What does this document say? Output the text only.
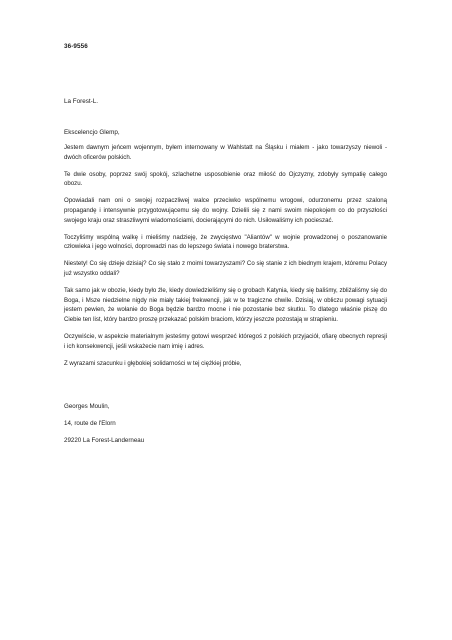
36-9556
La Forest-L.
Ekscelencjo Glemp,

Jestem dawnym jeńcem wojennym, byłem internowany w Wahlstatt na Śląsku i miałem - jako towarzyszy niewoli - dwóch oficerów polskich.

Te dwie osoby, poprzez swój spokój, szlachetne usposobienie oraz miłość do Ojczyzny, zdobyły sympatię całego obozu.

Opowiadali nam oni o swojej rozpaczliwej walce przeciwko wspólnemu wrogowi, odurzonemu przez szaloną propagandę i intensywnie przygotowującemu się do wojny. Dzielili się z nami swoim niepokojem co do przyszłości swojego kraju oraz straszliwymi wiadomościami, docierającymi do nich. Usiłowaliśmy ich pocieszać.

Toczyliśmy wspólną walkę i mieliśmy nadzieję, że zwycięstwo "Aliantów" w wojnie prowadzonej o poszanowanie człowieka i jego wolności, doprowadzi nas do lepszego świata i nowego braterstwa.

Niestety! Co się dzieje dzisiaj? Co się stało z moimi towarzyszami? Co się stanie z ich biednym krajem, któremu Polacy już wszystko oddali?

Tak samo jak w obozie, kiedy było źle, kiedy dowiedzieliśmy się o grobach Katynia, kiedy się baliśmy, zbliżaliśmy się do Boga, i Msze niedzielne nigdy nie miały takiej frekwencji, jak w te tragiczne chwile. Dzisiaj, w obliczu powagi sytuacji jestem pewien, że wołanie do Boga będzie bardzo mocne i nie pozostanie bez skutku. To dlatego właśnie piszę do Ciebie ten list, który bardzo proszę przekazać polskim braciom, którzy jeszcze pozostają w strapieniu.

Oczywiście, w aspekcie materialnym jesteśmy gotowi wesprzeć któregoś z polskich przyjaciół, ofiarę obecnych represji i ich konsekwencji, jeśli wskażecie nam imię i adres.

Z wyrazami szacunku i głębokiej solidarności w tej ciężkiej próbie,

Georges Moulin,
14, route de l'Elorn
29220 La Forest-Landerneau
